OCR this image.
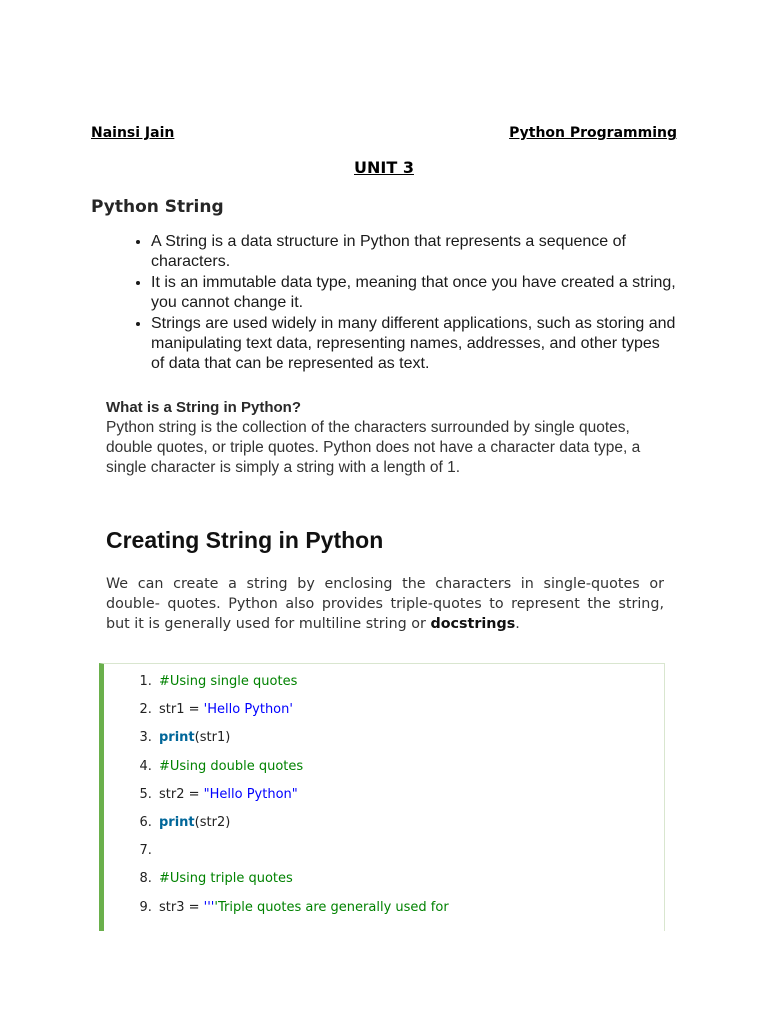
Nainsi Jain	Python Programming
UNIT 3
Python String
• A String is a data structure in Python that represents a sequence of characters.
• It is an immutable data type, meaning that once you have created a string, you cannot change it.
• Strings are used widely in many different applications, such as storing and manipulating text data, representing names, addresses, and other types of data that can be represented as text.
What is a String in Python?

Python string is the collection of the characters surrounded by single quotes, double quotes, or triple quotes. Python does not have a character data type, a single character is simply a string with a length of 1.

Creating String in Python

We can create a string by enclosing the characters in single-quotes or double- quotes. Python also provides triple-quotes to represent the string, but it is generally used for multiline string or docstrings.

1. #Using single quotes
2. str1 = 'Hello Python'
3. print(str1)
4. #Using double quotes
5. str2 = "Hello Python"
6. print(str2)
7.
8. #Using triple quotes
9. str3 = ''''Triple quotes are generally used for
